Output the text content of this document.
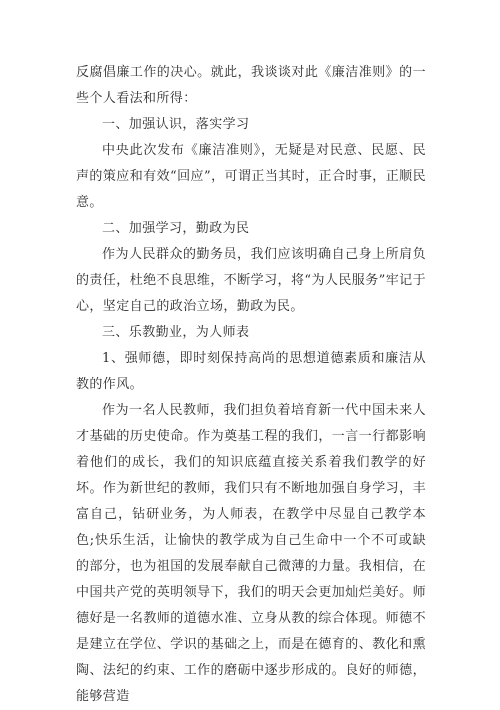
反腐倡廉工作的决心。就此，我谈谈对此《廉洁准则》的一些个人看法和所得：

一、加强认识，落实学习

中央此次发布《廉洁准则》，无疑是对民意、民愿、民声的策应和有效“回应”，可谓正当其时，正合时事，正顺民意。

二、加强学习，勤政为民

作为人民群众的勤务员，我们应该明确自己身上所肩负的责任，杜绝不良思维，不断学习，将“为人民服务”牢记于心，坚定自己的政治立场，勤政为民。

三、乐教勤业，为人师表

1、强师德，即时刻保持高尚的思想道德素质和廉洁从教的作风。

作为一名人民教师，我们担负着培育新一代中国未来人才基础的历史使命。作为奠基工程的我们，一言一行都影响着他们的成长，我们的知识底蕴直接关系着我们教学的好坏。作为新世纪的教师，我们只有不断地加强自身学习，丰富自己，钻研业务，为人师表，在教学中尽显自己教学本色;快乐生活，让愉快的教学成为自己生命中一个不可或缺的部分，也为祖国的发展奉献自己微薄的力量。我相信，在中国共产党的英明领导下，我们的明天会更加灿烂美好。师德好是一名教师的道德水准、立身从教的综合体现。师德不是建立在学位、学识的基础之上，而是在德育的、教化和熏陶、法纪的约束、工作的磨砺中逐步形成的。良好的师德，能够营造
